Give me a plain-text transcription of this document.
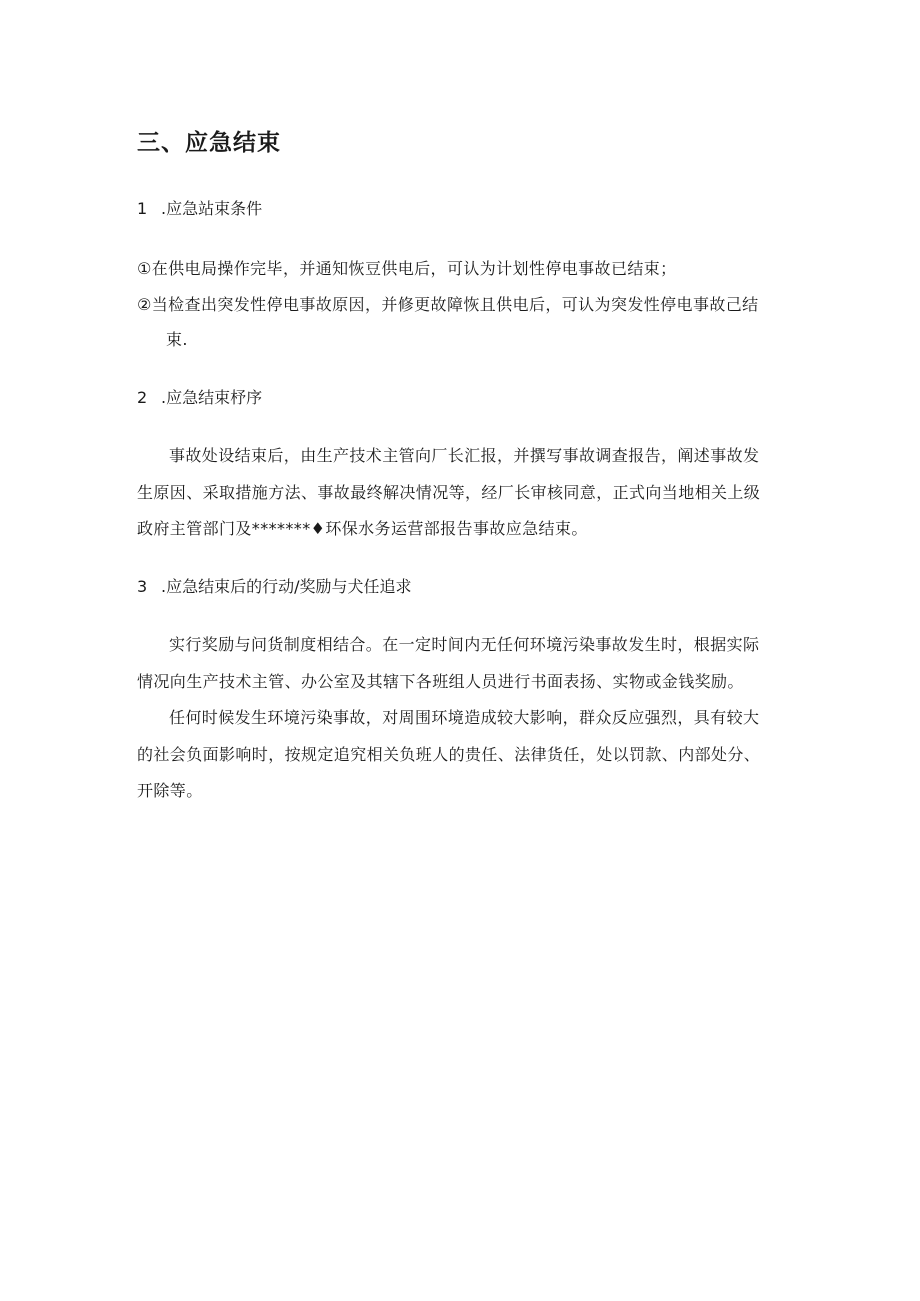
三、应急结束

1 .应急站束条件

①在供电局操作完毕，并通知恢豆供电后，可认为计划性停电事故已结束；

②当检查出突发性停电事故原因，并修更故障恢且供电后，可认为突发性停电事故己结

束.

2 .应急结束杼序

事故处设结束后，由生产技术主管向厂长汇报，并撰写事故调查报告，阐述事故发

生原因、采取措施方法、事故最终解决情况等，经厂长审核同意，正式向当地相关上级

政府主管部门及*******♦环保水务运营部报告事故应急结束。

3 .应急结束后的行动/奖励与犬任追求

实行奖励与问货制度相结合。在一定时间内无任何环境污染事故发生时，根据实际

情况向生产技术主管、办公室及其辖下各班组人员进行书面表扬、实物或金钱奖励。

任何时候发生环境污染事故，对周围环境造成较大影响，群众反应强烈，具有较大

的社会负面影响时，按规定追究相关负班人的贵任、法律货任，处以罚款、内部处分、

开除等。
